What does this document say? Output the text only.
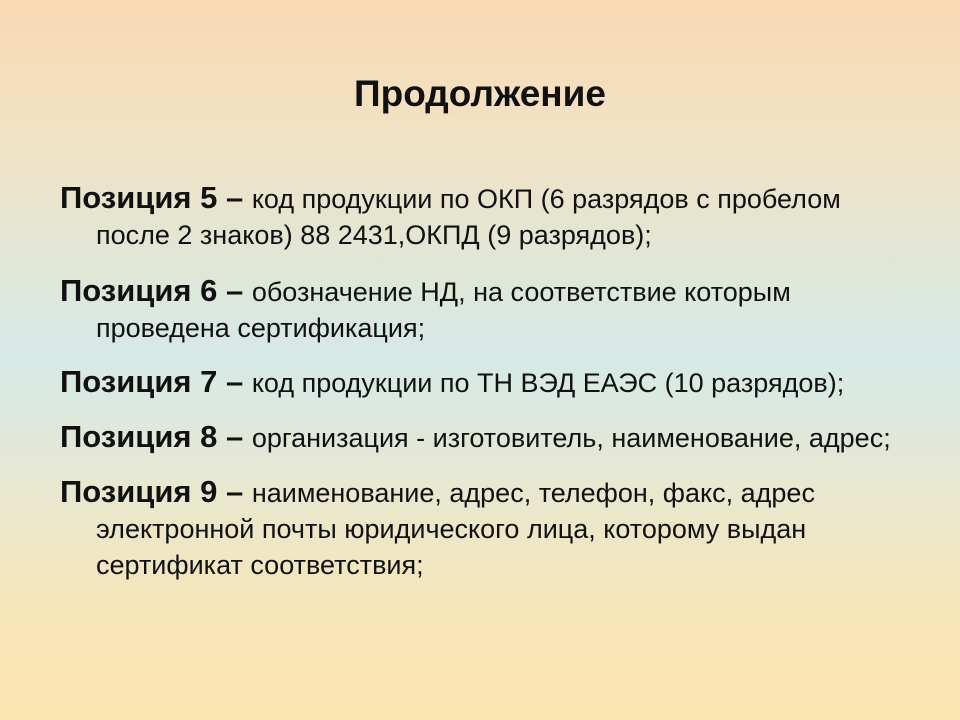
Продолжение
Позиция 5 – код продукции по ОКП (6 разрядов с пробелом после 2 знаков) 88 2431,ОКПД (9 разрядов);
Позиция 6 – обозначение НД, на соответствие которым проведена сертификация;
Позиция 7 – код продукции по ТН ВЭД ЕАЭС (10 разрядов);
Позиция 8 – организация - изготовитель, наименование, адрес;
Позиция 9 – наименование, адрес, телефон, факс, адрес электронной почты юридического лица, которому выдан сертификат соответствия;
